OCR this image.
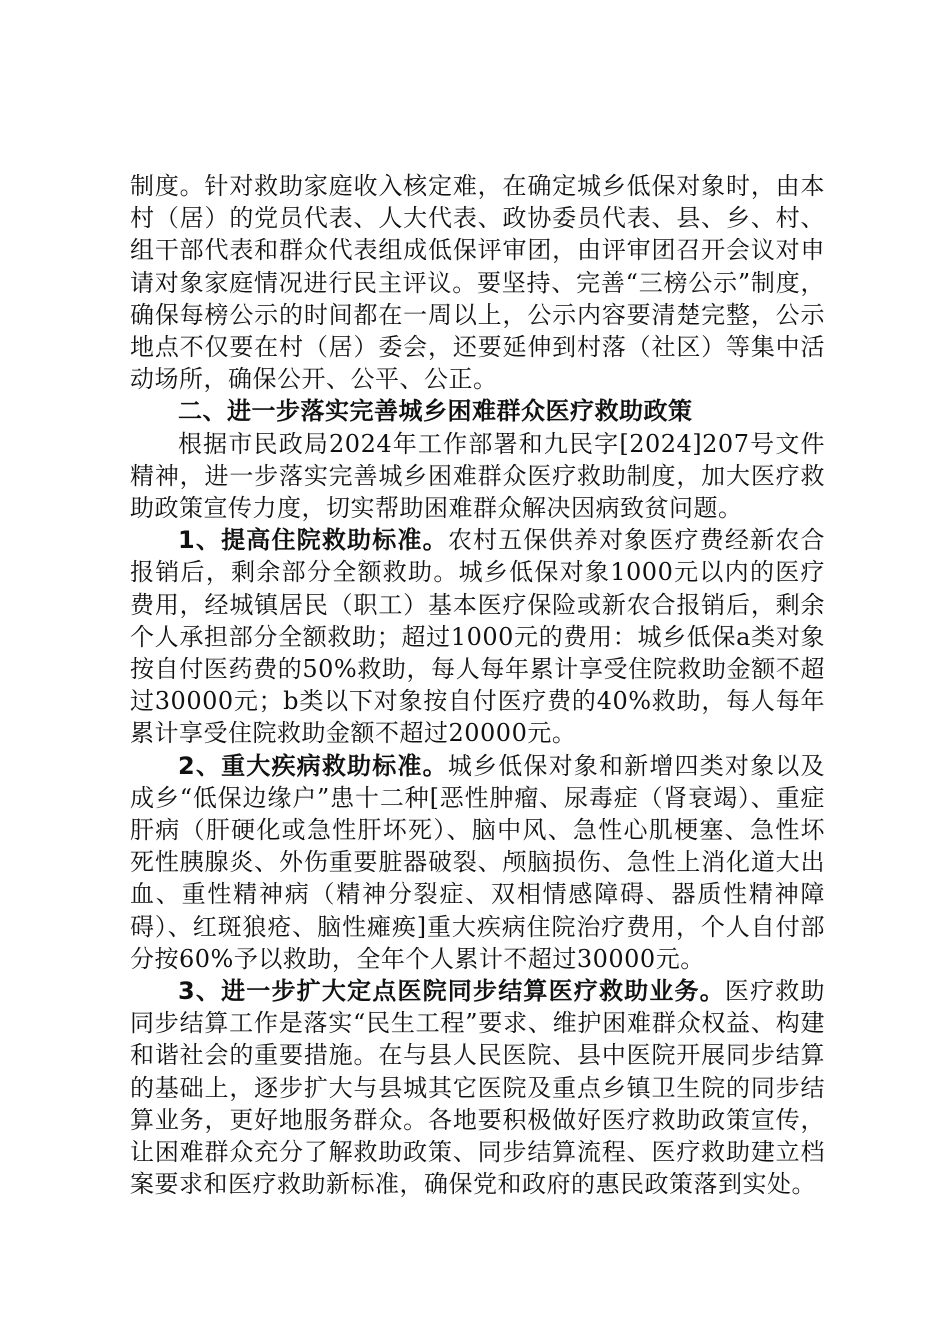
制度。针对救助家庭收入核定难，在确定城乡低保对象时，由本村（居）的党员代表、人大代表、政协委员代表、县、乡、村、组干部代表和群众代表组成低保评审团，由评审团召开会议对申请对象家庭情况进行民主评议。要坚持、完善“三榜公示”制度，确保每榜公示的时间都在一周以上，公示内容要清楚完整，公示地点不仅要在村（居）委会，还要延伸到村落（社区）等集中活动场所，确保公开、公平、公正。

二、进一步落实完善城乡困难群众医疗救助政策

根据市民政局2024年工作部署和九民字[2024]207号文件精神，进一步落实完善城乡困难群众医疗救助制度，加大医疗救助政策宣传力度，切实帮助困难群众解决因病致贫问题。

1、提高住院救助标准。农村五保供养对象医疗费经新农合报销后，剩余部分全额救助。城乡低保对象1000元以内的医疗费用，经城镇居民（职工）基本医疗保险或新农合报销后，剩余个人承担部分全额救助；超过1000元的费用：城乡低保a类对象按自付医药费的50%救助，每人每年累计享受住院救助金额不超过30000元；b类以下对象按自付医疗费的40%救助，每人每年累计享受住院救助金额不超过20000元。

2、重大疾病救助标准。城乡低保对象和新增四类对象以及成乡“低保边缘户”患十二种[恶性肿瘤、尿毒症（肾衰竭）、重症肝病（肝硬化或急性肝坏死）、脑中风、急性心肌梗塞、急性坏死性胰腺炎、外伤重要脏器破裂、颅脑损伤、急性上消化道大出血、重性精神病（精神分裂症、双相情感障碍、器质性精神障碍）、红斑狼疮、脑性瘫痪]重大疾病住院治疗费用，个人自付部分按60%予以救助，全年个人累计不超过30000元。

3、进一步扩大定点医院同步结算医疗救助业务。医疗救助同步结算工作是落实“民生工程”要求、维护困难群众权益、构建和谐社会的重要措施。在与县人民医院、县中医院开展同步结算的基础上，逐步扩大与县城其它医院及重点乡镇卫生院的同步结算业务，更好地服务群众。各地要积极做好医疗救助政策宣传，让困难群众充分了解救助政策、同步结算流程、医疗救助建立档案要求和医疗救助新标准，确保党和政府的惠民政策落到实处。
